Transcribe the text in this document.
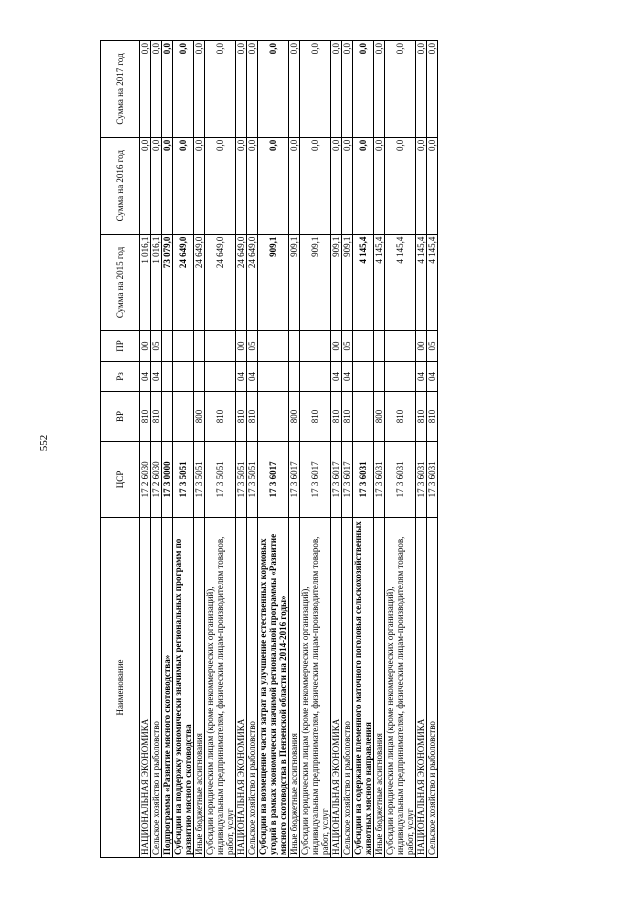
552
Наименование	ЦСР	ВР	Рз	ПР	Сумма на 2015 год	Сумма на 2016 год	Сумма на 2017 год
НАЦИОНАЛЬНАЯ ЭКОНОМИКА	17 2 6030	810	04	00	1 016,1	0,0	0,0
Сельское хозяйство и рыболовство	17 2 6030	810	04	05	1 016,1	0,0	0,0
Подпрограмма «Развитие мясного скотоводства»	17 3 0000				73 079,0	0,0	0,0
Субсидии на поддержку экономически значимых региональных программ по развитию мясного скотоводства	17 3 5051				24 649,0	0,0	0,0
Иные бюджетные ассигнования	17 3 5051	800			24 649,0	0,0	0,0
Субсидии юридическим лицам (кроме некоммерческих организаций), индивидуальным предпринимателям, физическим лицам-производителям товаров, работ, услуг	17 3 5051	810			24 649,0	0,0	0,0
НАЦИОНАЛЬНАЯ ЭКОНОМИКА	17 3 5051	810	04	00	24 649,0	0,0	0,0
Сельское хозяйство и рыболовство	17 3 5051	810	04	05	24 649,0	0,0	0,0
Субсидии на возмещение части затрат на улучшение естественных кормовых угодий в рамках экономически значимой региональной программы «Развитие мясного скотоводства в Пензенской области на 2014-2016 годы»	17 3 6017				909,1	0,0	0,0
Иные бюджетные ассигнования	17 3 6017	800			909,1	0,0	0,0
Субсидии юридическим лицам (кроме некоммерческих организаций), индивидуальным предпринимателям, физическим лицам-производителям товаров, работ, услуг	17 3 6017	810			909,1	0,0	0,0
НАЦИОНАЛЬНАЯ ЭКОНОМИКА	17 3 6017	810	04	00	909,1	0,0	0,0
Сельское хозяйство и рыболовство	17 3 6017	810	04	05	909,1	0,0	0,0
Субсидии на содержание племенного маточного поголовья сельскохозяйственных животных мясного направления	17 3 6031				4 145,4	0,0	0,0
Иные бюджетные ассигнования	17 3 6031	800			4 145,4	0,0	0,0
Субсидии юридическим лицам (кроме некоммерческих организаций), индивидуальным предпринимателям, физическим лицам-производителям товаров, работ, услуг	17 3 6031	810			4 145,4	0,0	0,0
НАЦИОНАЛЬНАЯ ЭКОНОМИКА	17 3 6031	810	04	00	4 145,4	0,0	0,0
Сельское хозяйство и рыболовство	17 3 6031	810	04	05	4 145,4	0,0	0,0
